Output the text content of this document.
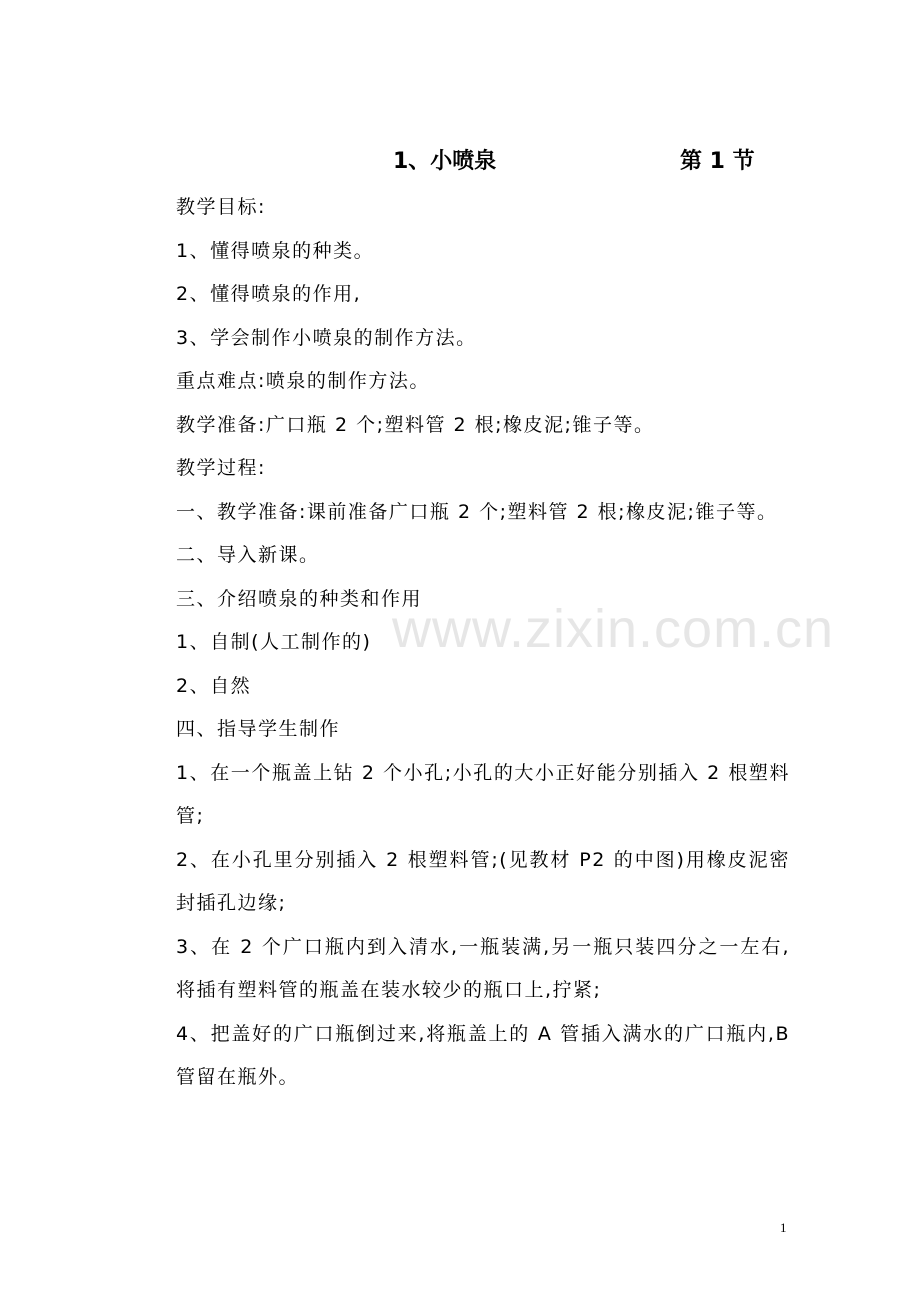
1、小喷泉	第 1 节
教学目标:
1、懂得喷泉的种类。
2、懂得喷泉的作用,
3、学会制作小喷泉的制作方法。
重点难点:喷泉的制作方法。
教学准备:广口瓶 2 个;塑料管 2 根;橡皮泥;锥子等。
教学过程:
一、教学准备:课前准备广口瓶 2 个;塑料管 2 根;橡皮泥;锥子等。
二、导入新课。
三、介绍喷泉的种类和作用
1、自制(人工制作的)
2、自然
四、指导学生制作
1、在一个瓶盖上钻 2 个小孔;小孔的大小正好能分别插入 2 根塑料管;
2、在小孔里分别插入 2 根塑料管;(见教材 P2 的中图)用橡皮泥密封插孔边缘;
3、在 2 个广口瓶内到入清水,一瓶装满,另一瓶只装四分之一左右,将插有塑料管的瓶盖在装水较少的瓶口上,拧紧;
4、把盖好的广口瓶倒过来,将瓶盖上的 A 管插入满水的广口瓶内,B 管留在瓶外。
www.zixin.com.cn
1
